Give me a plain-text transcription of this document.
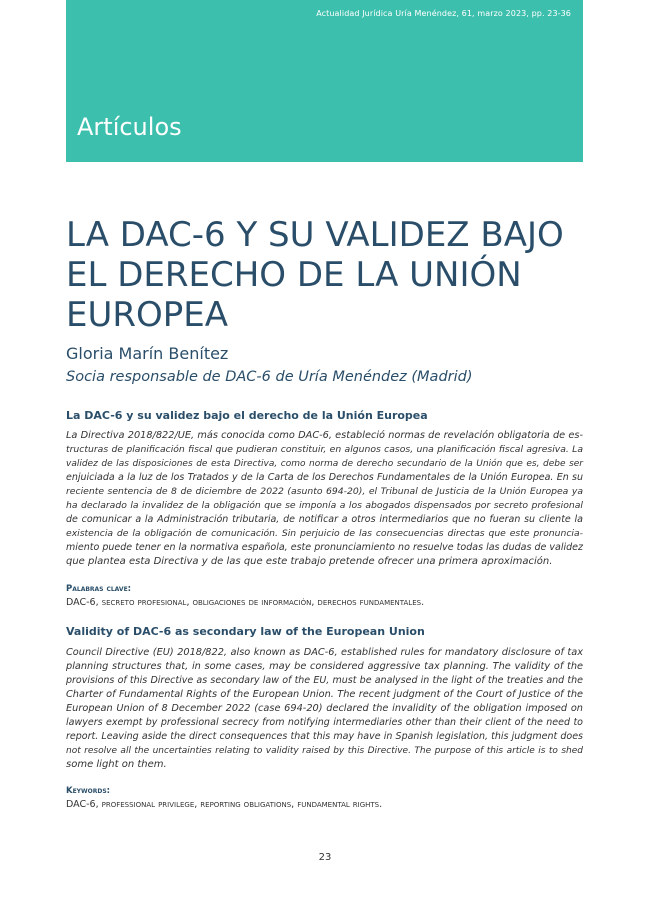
Actualidad Jurídica Uría Menéndez, 61, marzo 2023, pp. 23-36
Artículos
LA DAC-6 Y SU VALIDEZ BAJO
EL DERECHO DE LA UNIÓN
EUROPEA
Gloria Marín Benítez
Socia responsable de DAC-6 de Uría Menéndez (Madrid)
La DAC-6 y su validez bajo el derecho de la Unión Europea
La Directiva 2018/822/UE, más conocida como DAC-6, estableció normas de revelación obligatoria de es-
tructuras de planificación fiscal que pudieran constituir, en algunos casos, una planificación fiscal agresiva. La
validez de las disposiciones de esta Directiva, como norma de derecho secundario de la Unión que es, debe ser
enjuiciada a la luz de los Tratados y de la Carta de los Derechos Fundamentales de la Unión Europea. En su
reciente sentencia de 8 de diciembre de 2022 (asunto 694-20), el Tribunal de Justicia de la Unión Europea ya
ha declarado la invalidez de la obligación que se imponía a los abogados dispensados por secreto profesional
de comunicar a la Administración tributaria, de notificar a otros intermediarios que no fueran su cliente la
existencia de la obligación de comunicación. Sin perjuicio de las consecuencias directas que este pronuncia-
miento puede tener en la normativa española, este pronunciamiento no resuelve todas las dudas de validez
que plantea esta Directiva y de las que este trabajo pretende ofrecer una primera aproximación.
Palabras clave:
DAC-6, secreto profesional, obligaciones de información, derechos fundamentales.
Validity of DAC-6 as secondary law of the European Union
Council Directive (EU) 2018/822, also known as DAC-6, established rules for mandatory disclosure of tax
planning structures that, in some cases, may be considered aggressive tax planning. The validity of the
provisions of this Directive as secondary law of the EU, must be analysed in the light of the treaties and the
Charter of Fundamental Rights of the European Union. The recent judgment of the Court of Justice of the
European Union of 8 December 2022 (case 694-20) declared the invalidity of the obligation imposed on
lawyers exempt by professional secrecy from notifying intermediaries other than their client of the need to
report. Leaving aside the direct consequences that this may have in Spanish legislation, this judgment does
not resolve all the uncertainties relating to validity raised by this Directive. The purpose of this article is to shed
some light on them.
Keywords:
DAC-6, professional privilege, reporting obligations, fundamental rights.
23
